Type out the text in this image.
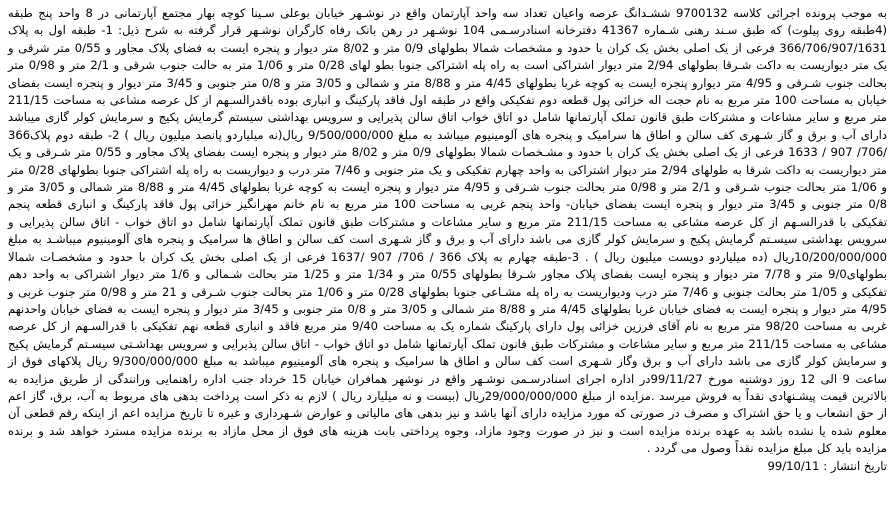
به موجب پرونده اجرائی کلاسه 9700132 ششـدانگ عرصه واعیان تعداد سه واحد آپارتمان واقع در نوشـهر خیابان بوعلی سـینا کوچه بهار مجتمع آپارتمانی در 8 واحد پنج طبقه (4طبقه روی پیلوت) که طبق سـند رهنی شـماره 41367 دفترخانه اسنادرسـمی 104 نوشـهر در رهن بانک رفاه کارگران نوشـهر قرار گرفته به شرح ذیل: 1- طبقه اول به پلاک 366/706/907/1631 فرعی از یک اصلی بخش یک کران با حدود و مشخصات شمالا بطولهای 0/9 متر و 8/02 متر دیوار و پنجره ایست به فضای پلاک مجاور و 0/55 متر شرقی و یک متر دیواریست به داکت شـرقا بطولهای 2/94 متر دیوار اشتراکی است به راه پله اشتراکی جنوبا بطو لهای 0/28 متر و 1/06 متر به حالت جنوب شرقی و 2/1 متر و 0/98 متر بحالت جنوب شـرقی و 4/95 متر دیوارو پنجره ایست به کوچه غربا بطولهای 4/45 متر و 8/88 متر و شمالی و 3/05 متر و 0/8 متر جنوبی و 3/45 متر دیوار و پنجره ایست بفضای خیابان به مساحت 100 متر مربع به نام حجت اله خزائی پول قطعه دوم تفکیکی واقع در طبقه اول فاقد پارکینگ و انباری بوده باقدرالسـهم از کل عرصه مشاعی به مساحت 211/15 متر مربع و سایر مشاعات و مشترکات طبق قانون تملک آپارتمانها شامل دو اتاق خواب اتاق سالن پذیرایی و سرویس بهداشتی سیستم گرمایش پکیج و سرمایش کولر گازی میباشد دارای آب و برق و گاز شـهری کف سالن و اطاق ها سرامیک و پنجره های آلومینیوم میباشد به مبلغ 9/500/000/000 ریال(نه میلیاردو پانصد میلیون ریال ) 2- طبقه دوم پلاک366 /706/ 907 / 1633 فرعی از یک اصلی بخش یک کران با حدود و مشـخصات شمالا بطولهای 0/9 متر و 8/02 متر دیوار و پنجره ایست بفضای پلاک مجاور و 0/55 متر شـرقی و یک متر دیواریست به داکت شرقا به طولهای 2/94 متر دیوار اشتراکی به واحد چهارم تفکیکی و یک متر جنوبی و 7/46 متر درب و دیواریست به راه پله اشتراکی جنوبا بطولهای 0/28 متر و 1/06 متر بحالت جنوب شـرقی و 2/1 متر و 0/98 متر بحالت جنوب شـرقی و 4/95 متر دیوار و پنجره ایست به کوچه غربا بطولهای 4/45 متر و 8/88 متر شمالی و 3/05 متر و 0/8 متر جنوبی و 3/45 متر دیوار و پنجره ایست بفضای خیابان- واحد پنجم غربی به مساحت 100 متر مربع به نام خانم مهرانگیز خزائی پول فاقد پارکینگ و انباری قطعه پنجم تفکیکی با قدرالسـهم از کل عرصه مشاعی به مساحت 211/15 متر مربع و سایر مشاعات و مشترکات طبق قانون تملک آپارتمانها شامل دو اتاق خواب - اتاق سالن پذیرایی و سرویس بهداشتی سیسـتم گرمایش پکیج و سرمایش کولر گازی می باشد دارای آب و برق و گاز شـهری است کف سالن و اطاق ها سرامیک و پنجره های آلومینیوم میباشـد به مبلغ 10/200/000/000ریال (ده میلیاردو دویست میلیون ریال ) . 3-طبقه چهارم به پلاک 366 / 706/ 907 /1637 فرعی از یک اصلی بخش یک کران با حدود و مشخصـات شمالا بطولهای9/0 متر و 7/78 متر دیوار و پنجره ایست بفضای پلاک مجاور شـرقا بطولهای 0/55 متر و 1/34 متر و 1/25 متر بحالت شـمالی و 1/6 متر دیوار اشتراکی به واحد دهم تفکیکی و 1/05 متر بحالت جنوبی و 7/46 متر درب ودیواریست به راه پله مشـاعی جنوبا بطولهای 0/28 متر و 1/06 متر بحالت جنوب شـرقی و 21 متر و 0/98 متر جنوب غربی و 4/95 متر دیوار و پنجره ایست به فضای خیابان غربا بطولهای 4/45 متر و 8/88 متر شمالی و 3/05 متر و 0/8 متر جنوبی و 3/45 متر دیوار و پنجره ایست به فضای خیابان واحدنهم غربی به مساحت 98/20 متر مربع به نام آقای فرزین خزائی پول دارای پارکینگ شماره یک به مساحت 9/40 متر مربع فاقد و انباری قطعه نهم تفکیکی با قدرالسـهم از کل عرصه مشاعی به مساحت 211/15 متر مربع و سایر مشاعات و مشترکات طبق قانون تملک آپارتمانها شامل دو اتاق خواب - اتاق سالن پذیرایی و سرویس بهداشـتی سیسـتم گرمایش پکیج و سرمایش کولر گازی می باشد دارای آب و برق وگاز شـهری است کف سالن و اطاق ها سرامیک و پنجره های آلومینیوم میباشد به مبلغ 9/300/000/000 ریال پلاکهای فوق از ساعت 9 الی 12 روز دوشنبه مورخ 99/11/27در اداره اجرای اسنادرسـمی نوشـهر واقع در نوشهر همافران خیابان 15 خرداد جنب اداره راهنمایی ورانندگی از طریق مزایده به بالاترین قیمت پیشـنهادی نقداً به فروش میرسد .مزایده از مبلغ 29/000/000/000ریال (بیست و نه میلیارد ریال ) لازم به ذکر است پرداخت بدهی های مربوط به آب، برق، گاز اعم از حق انشعاب و یا حق اشتراک و مصرف در صورتی که مورد مزایده دارای آنها باشد و نیز بدهی های مالیاتی و عوارض شـهرداری و غیره تا تاریخ مزایده اعم از اینکه رقم قطعی آن معلوم شده یا نشده باشد به عهده برنده مزایده است و نیز در صورت وجود مازاد، وجوه پرداختی بابت هزینه های فوق از محل مازاد به برنده مزایده مسترد خواهد شد و برنده مزایده باید کل مبلغ مزایده نقداً وصول می گردد .

تاریخ انتشار : 99/10/11
